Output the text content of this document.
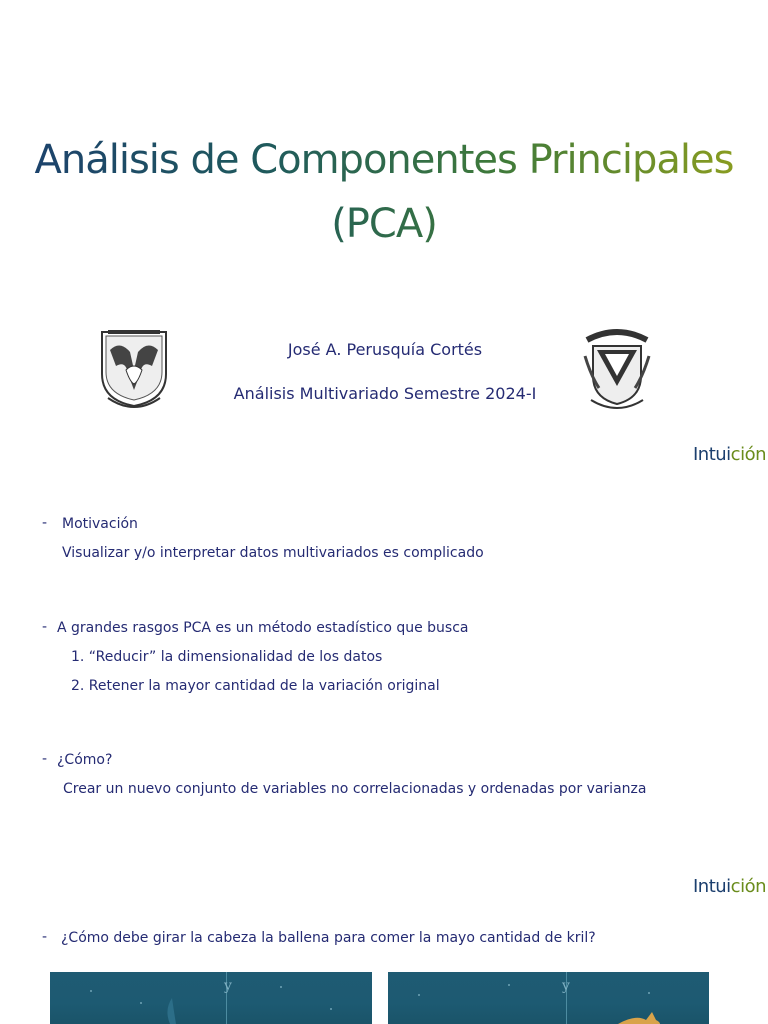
Análisis de Componentes Principales
(PCA)
José A. Perusquía Cortés
Análisis Multivariado Semestre 2024-I
Intuición
- Motivación
Visualizar y/o interpretar datos multivariados es complicado
- A grandes rasgos PCA es un método estadístico que busca
1. “Reducir” la dimensionalidad de los datos
2. Retener la mayor cantidad de la variación original
- ¿Cómo?
Crear un nuevo conjunto de variables no correlacionadas y ordenadas por varianza
Intuición
- ¿Cómo debe girar la cabeza la ballena para comer la mayo cantidad de kril?
y	y
